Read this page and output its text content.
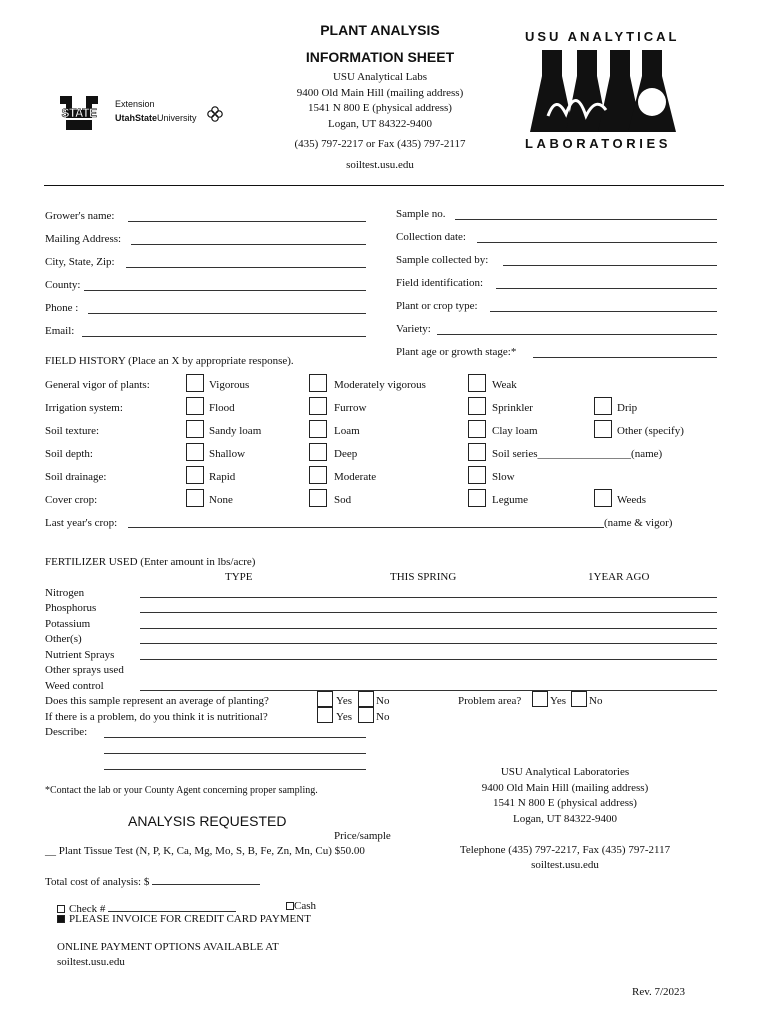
PLANT ANALYSIS
INFORMATION SHEET
USU Analytical Labs
9400 Old Main Hill (mailing address)
1541 N 800 E (physical address)
Logan, UT 84322-9400
(435) 797-2217 or Fax (435) 797-2117
soiltest.usu.edu
STATE
Extension
UtahStateUniversity
USU ANALYTICAL
LABORATORIES
Grower's name:
Mailing Address:
City, State, Zip:
County:
Phone :
Email:
Sample no.
Collection date:
Sample collected by:
Field identification:
Plant or crop type:
Variety:
Plant age or growth stage:*
FIELD HISTORY (Place an X by appropriate response).
General vigor of plants:	Vigorous	Moderately vigorous	Weak
Irrigation system:	Flood	Furrow	Sprinkler	Drip
Soil texture:	Sandy loam	Loam	Clay loam	Other (specify)
Soil depth:	Shallow	Deep	Soil series_________________(name)
Soil drainage:	Rapid	Moderate	Slow
Cover crop:	None	Sod	Legume	Weeds
Last year's crop:	(name & vigor)
FERTILIZER USED (Enter amount in lbs/acre)
TYPE	THIS SPRING	1YEAR AGO
Nitrogen
Phosphorus
Potassium
Other(s)
Nutrient Sprays
Other sprays used
Weed control
Does this sample represent an average of planting?	Yes No	Problem area?	Yes No
If there is a problem, do you think it is nutritional?	Yes No
Describe:
*Contact the lab or your County Agent concerning proper sampling.
USU Analytical Laboratories
9400 Old Main Hill (mailing address)
1541 N 800 E (physical address)
Logan, UT 84322-9400
Telephone (435) 797-2217, Fax (435) 797-2117
soiltest.usu.edu
ANALYSIS REQUESTED
Price/sample
__ Plant Tissue Test (N, P, K, Ca, Mg, Mo, S, B, Fe, Zn, Mn, Cu) $50.00
Total cost of analysis: $
Check #	Cash
PLEASE INVOICE FOR CREDIT CARD PAYMENT
ONLINE PAYMENT OPTIONS AVAILABLE AT
soiltest.usu.edu
Rev. 7/2023
